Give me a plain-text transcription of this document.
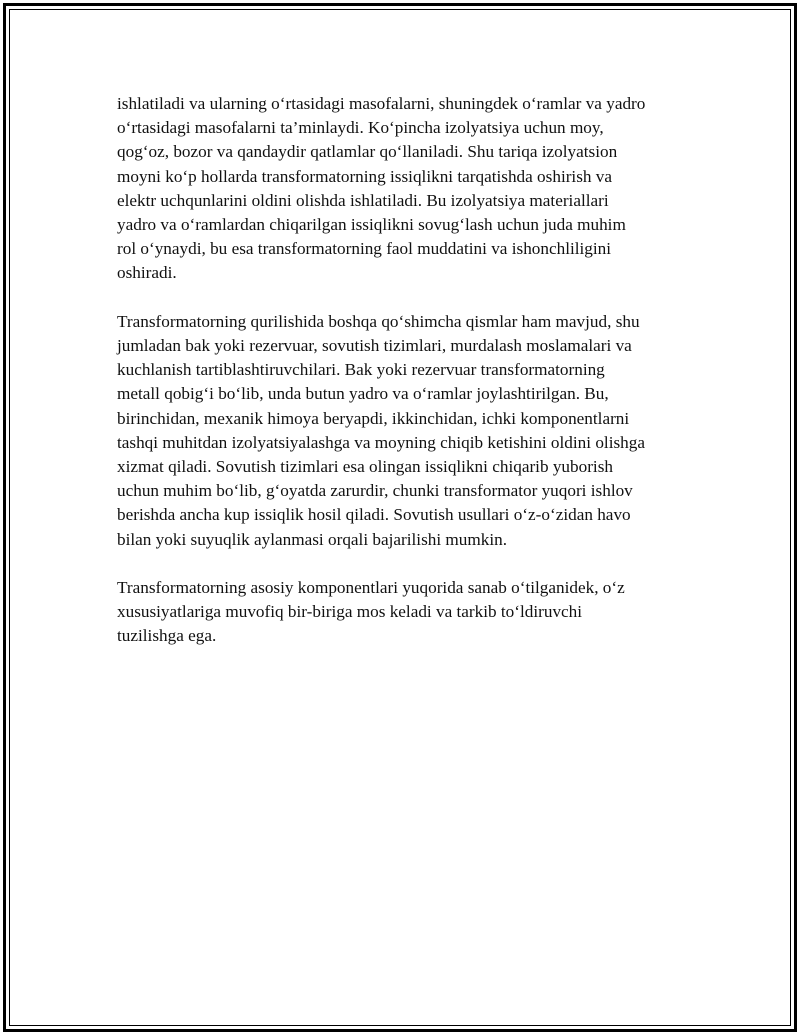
ishlatiladi va ularning o‘rtasidagi masofalarni, shuningdek o‘ramlar va yadro
o‘rtasidagi masofalarni ta’minlaydi. Ko‘pincha izolyatsiya uchun moy,
qog‘oz, bozor va qandaydir qatlamlar qo‘llaniladi. Shu tariqa izolyatsion
moyni ko‘p hollarda transformatorning issiqlikni tarqatishda oshirish va
elektr uchqunlarini oldini olishda ishlatiladi. Bu izolyatsiya materiallari
yadro va o‘ramlardan chiqarilgan issiqlikni sovug‘lash uchun juda muhim
rol o‘ynaydi, bu esa transformatorning faol muddatini va ishonchliligini
oshiradi.

Transformatorning qurilishida boshqa qo‘shimcha qismlar ham mavjud, shu
jumladan bak yoki rezervuar, sovutish tizimlari, murdalash moslamalari va
kuchlanish tartiblashtiruvchilari. Bak yoki rezervuar transformatorning
metall qobig‘i bo‘lib, unda butun yadro va o‘ramlar joylashtirilgan. Bu,
birinchidan, mexanik himoya beryapdi, ikkinchidan, ichki komponentlarni
tashqi muhitdan izolyatsiyalashga va moyning chiqib ketishini oldini olishga
xizmat qiladi. Sovutish tizimlari esa olingan issiqlikni chiqarib yuborish
uchun muhim bo‘lib, g‘oyatda zarurdir, chunki transformator yuqori ishlov
berishda ancha kup issiqlik hosil qiladi. Sovutish usullari o‘z-o‘zidan havo
bilan yoki suyuqlik aylanmasi orqali bajarilishi mumkin.

Transformatorning asosiy komponentlari yuqorida sanab o‘tilganidek, o‘z
xususiyatlariga muvofiq bir-biriga mos keladi va tarkib to‘ldiruvchi
tuzilishga ega.
